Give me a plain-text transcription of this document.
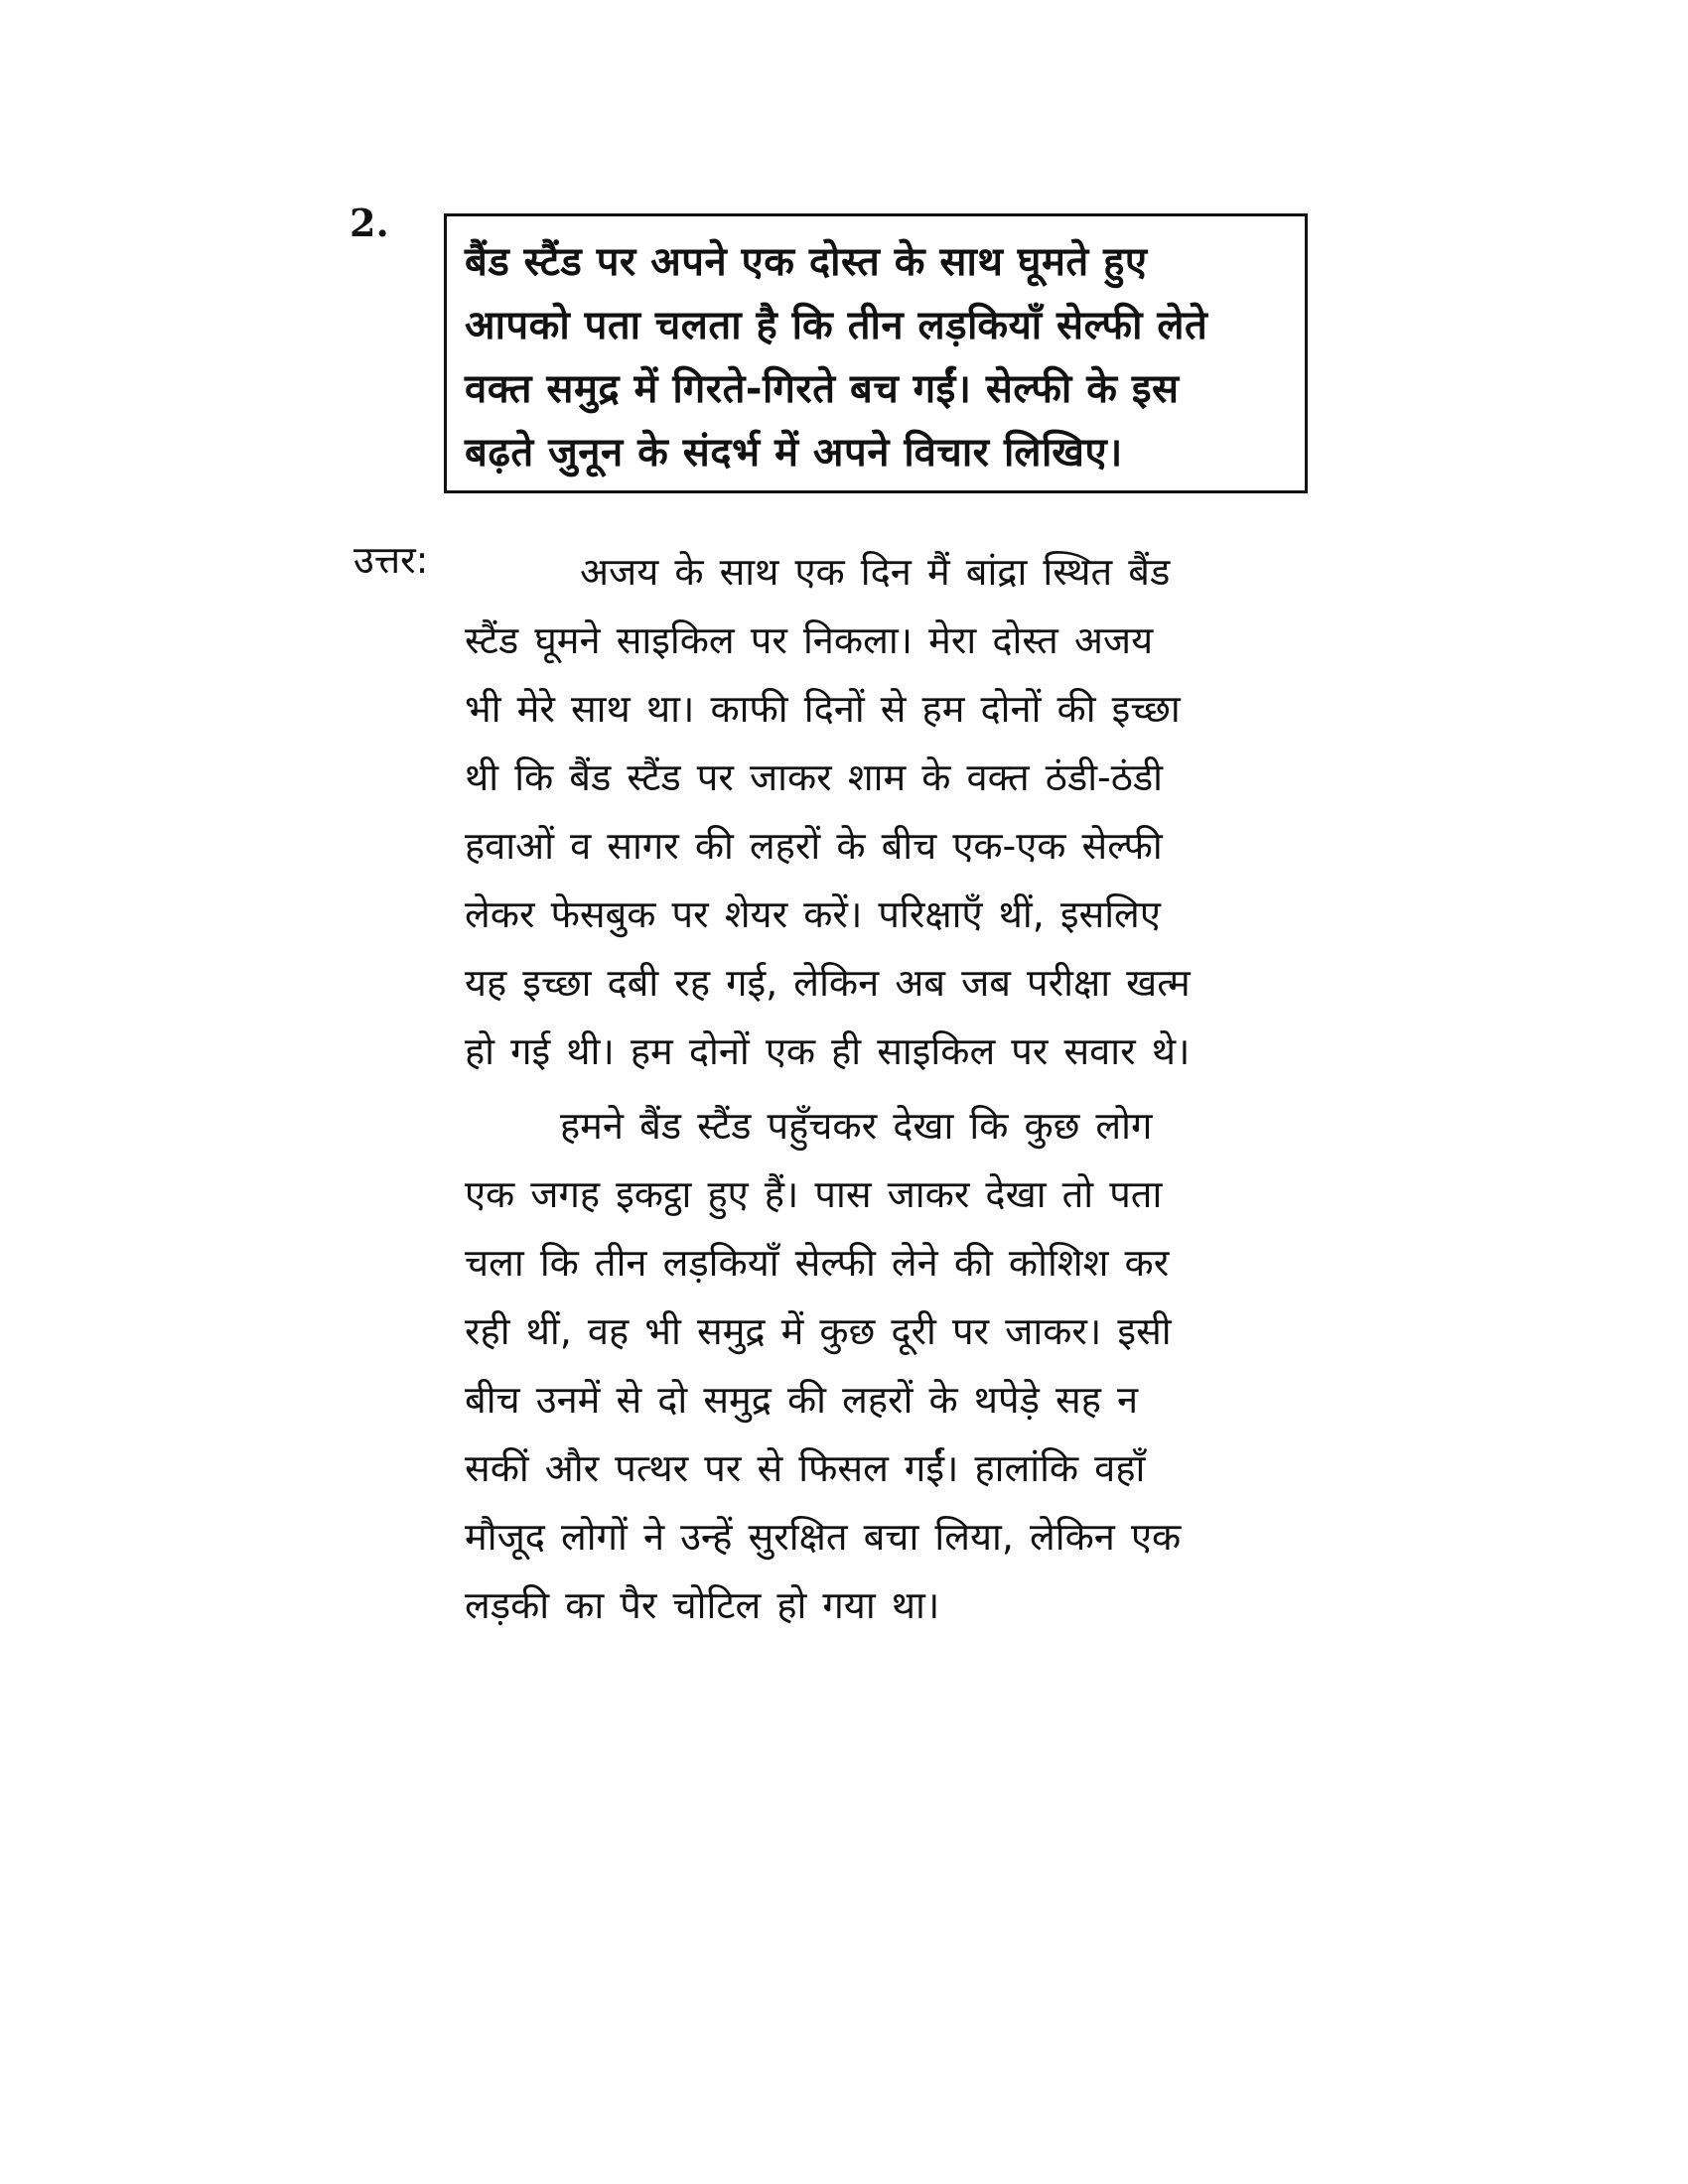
2.
बैंड स्टैंड पर अपने एक दोस्त के साथ घूमते हुए
आपको पता चलता है कि तीन लड़कियाँ सेल्फी लेते
वक्त समुद्र में गिरते-गिरते बच गईं। सेल्फी के इस
बढ़ते जुनून के संदर्भ में अपने विचार लिखिए।
उत्तर:	अजय के साथ एक दिन मैं बांद्रा स्थित बैंड
स्टैंड घूमने साइकिल पर निकला। मेरा दोस्त अजय
भी मेरे साथ था। काफी दिनों से हम दोनों की इच्छा
थी कि बैंड स्टैंड पर जाकर शाम के वक्त ठंडी-ठंडी
हवाओं व सागर की लहरों के बीच एक-एक सेल्फी
लेकर फेसबुक पर शेयर करें। परिक्षाएँ थीं, इसलिए
यह इच्छा दबी रह गई, लेकिन अब जब परीक्षा खत्म
हो गई थी। हम दोनों एक ही साइकिल पर सवार थे।
हमने बैंड स्टैंड पहुँचकर देखा कि कुछ लोग
एक जगह इकट्ठा हुए हैं। पास जाकर देखा तो पता
चला कि तीन लड़कियाँ सेल्फी लेने की कोशिश कर
रही थीं, वह भी समुद्र में कुछ दूरी पर जाकर। इसी
बीच उनमें से दो समुद्र की लहरों के थपेड़े सह न
सकीं और पत्थर पर से फिसल गईं। हालांकि वहाँ
मौजूद लोगों ने उन्हें सुरक्षित बचा लिया, लेकिन एक
लड़की का पैर चोटिल हो गया था।
